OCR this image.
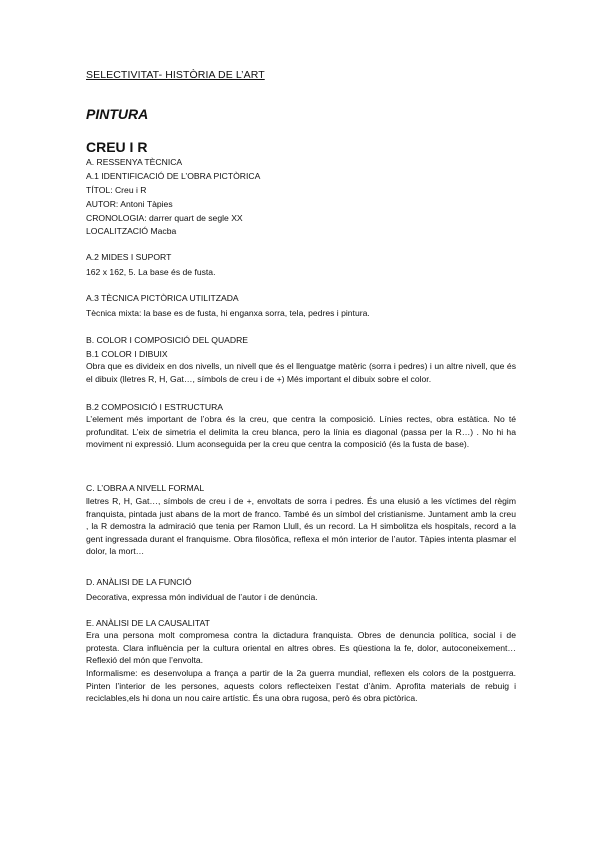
SELECTIVITAT- HISTÒRIA DE L’ART
PINTURA
CREU I R
A. RESSENYA TÈCNICA
A.1 IDENTIFICACIÓ DE L’OBRA PICTÒRICA
TÍTOL: Creu i R
AUTOR: Antoni Tàpies
CRONOLOGIA: darrer quart de segle XX
LOCALITZACIÓ Macba
A.2 MIDES I SUPORT
162 x 162, 5. La base és de fusta.
A.3 TÈCNICA PICTÒRICA UTILITZADA
Tècnica mixta: la base es de fusta, hi enganxa sorra, tela, pedres i pintura.
B. COLOR I COMPOSICIÓ DEL QUADRE
B.1 COLOR I DIBUIX
Obra que es divideix en dos nivells, un nivell que és el llenguatge matèric (sorra i pedres) i un altre nivell, que és el dibuix (lletres R, H, Gat…, símbols de creu i de +) Més important el dibuix sobre el color.
B.2 COMPOSICIÓ I ESTRUCTURA
L’element més important de l’obra és la creu, que centra la composició. Línies rectes, obra estàtica. No té profunditat. L’eix de simetria el delimita la creu blanca, pero la línia es diagonal (passa per la R…) . No hi ha moviment ni expressió. Llum aconseguida per la creu que centra la composició (és la fusta de base).
C. L’OBRA A NIVELL FORMAL
lletres R, H, Gat…, símbols de creu i de +, envoltats de sorra i pedres. És una elusió a les víctimes del règim franquista, pintada just abans de la mort de franco. També és un símbol del cristianisme. Juntament amb la creu , la R demostra la admiració que tenia per Ramon Llull, és un record. La H simbolitza els hospitals, record a la gent ingressada durant el franquisme. Obra filosòfica, reflexa el món interior de l’autor. Tàpies intenta plasmar el dolor, la mort…
D. ANÀLISI DE LA FUNCIÓ
Decorativa, expressa món individual de l’autor i de denúncia.
E. ANÀLISI DE LA CAUSALITAT
Era una persona molt compromesa contra la dictadura franquista. Obres de denuncia política, social i de protesta. Clara influència per la cultura oriental en altres obres. Es qüestiona la fe, dolor, autoconeixement… Reflexió del món que l’envolta.
Informalisme: es desenvolupa a frança a partir de la 2a guerra mundial, reflexen els colors de la postguerra. Pinten l’interior de les persones, aquests colors reflecteixen l’estat d’ànim. Aprofita materials de rebuig i reciclables,els hi dona un nou caire artístic. És una obra rugosa, però és obra pictòrica.
